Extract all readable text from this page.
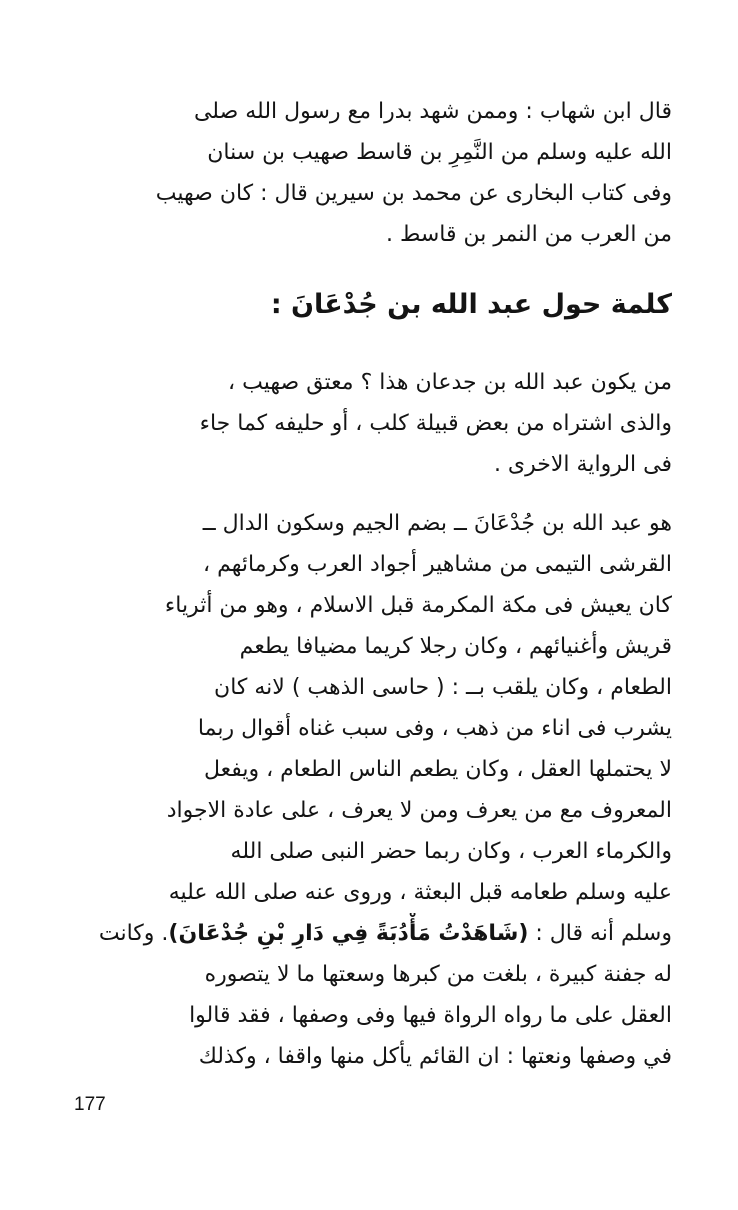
قال ابن شهاب : وممن شهد بدرا مع رسول الله صلى
الله عليه وسلم من النَّمِرِ بن قاسط صهيب بن سنان
وفى كتاب البخارى عن محمد بن سيرين قال : كان صهيب
من العرب من النمر بن قاسط .
كلمة حول عبد الله بن جُدْعَانَ :
من يكون عبد الله بن جدعان هذا ؟ معتق صهيب ،
والذى اشتراه من بعض قبيلة كلب ، أو حليفه كما جاء
فى الرواية الاخرى .
هو عبد الله بن جُدْعَانَ ــ بضم الجيم وسكون الدال ــ
القرشى التيمى من مشاهير أجواد العرب وكرمائهم ،
كان يعيش فى مكة المكرمة قبل الاسلام ، وهو من أثرياء
قريش وأغنيائهم ، وكان رجلا كريما مضيافا يطعم
الطعام ، وكان يلقب بــ : ( حاسى الذهب ) لانه كان
يشرب فى اناء من ذهب ، وفى سبب غناه أقوال ربما
لا يحتملها العقل ، وكان يطعم الناس الطعام ، ويفعل
المعروف مع من يعرف ومن لا يعرف ، على عادة الاجواد
والكرماء العرب ، وكان ربما حضر النبى صلى الله
عليه وسلم طعامه قبل البعثة ، وروى عنه صلى الله عليه
وسلم أنه قال : (شَاهَدْتُ مَأْدُبَةً فِي دَارِ بْنِ جُدْعَانَ). وكانت
له جفنة كبيرة ، بلغت من كبرها وسعتها ما لا يتصوره
العقل على ما رواه الرواة فيها وفى وصفها ، فقد قالوا
في وصفها ونعتها : ان القائم يأكل منها واقفا ، وكذلك
177
